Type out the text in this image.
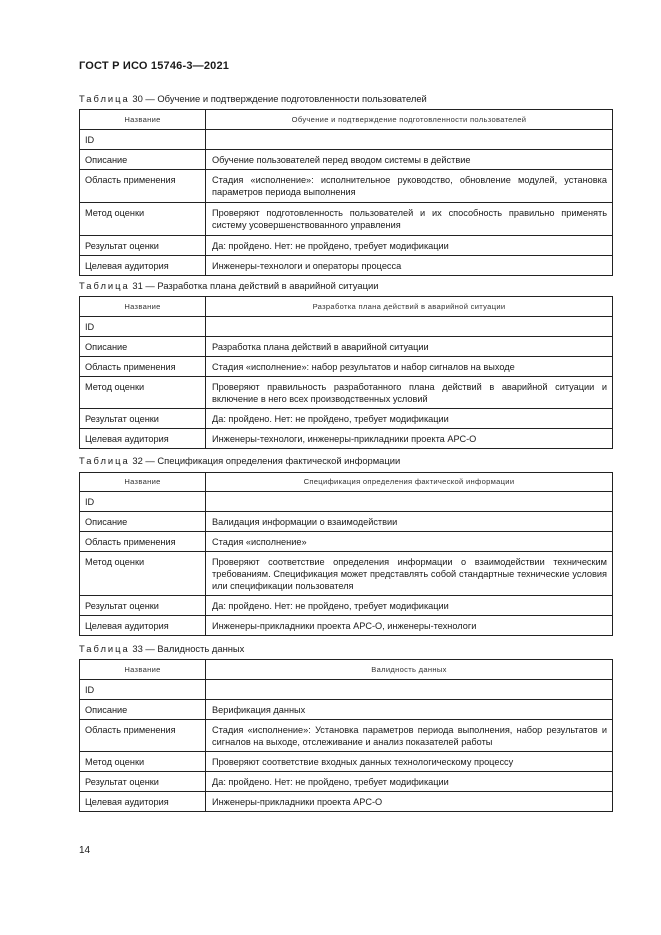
ГОСТ Р ИСО 15746-3—2021
Таблица 30 — Обучение и подтверждение подготовленности пользователей
Название	Обучение и подтверждение подготовленности пользователей
ID	
Описание	Обучение пользователей перед вводом системы в действие
Область применения	Стадия «исполнение»: исполнительное руководство, обновление модулей, установка параметров периода выполнения
Метод оценки	Проверяют подготовленность пользователей и их способность правильно применять систему усовершенствованного управления
Результат оценки	Да: пройдено. Нет: не пройдено, требует модификации
Целевая аудитория	Инженеры-технологи и операторы процесса
Таблица 31 — Разработка плана действий в аварийной ситуации
Название	Разработка плана действий в аварийной ситуации
ID	
Описание	Разработка плана действий в аварийной ситуации
Область применения	Стадия «исполнение»: набор результатов и набор сигналов на выходе
Метод оценки	Проверяют правильность разработанного плана действий в аварийной ситуации и включение в него всех производственных условий
Результат оценки	Да: пройдено. Нет: не пройдено, требует модификации
Целевая аудитория	Инженеры-технологи, инженеры-прикладники проекта АРС-О
Таблица 32 — Спецификация определения фактической информации
Название	Спецификация определения фактической информации
ID	
Описание	Валидация информации о взаимодействии
Область применения	Стадия «исполнение»
Метод оценки	Проверяют соответствие определения информации о взаимодействии техническим требованиям. Спецификация может представлять собой стандартные технические условия или спецификации пользователя
Результат оценки	Да: пройдено. Нет: не пройдено, требует модификации
Целевая аудитория	Инженеры-прикладники проекта АРС-О, инженеры-технологи
Таблица 33 — Валидность данных
Название	Валидность данных
ID	
Описание	Верификация данных
Область применения	Стадия «исполнение»: Установка параметров периода выполнения, набор результатов и сигналов на выходе, отслеживание и анализ показателей работы
Метод оценки	Проверяют соответствие входных данных технологическому процессу
Результат оценки	Да: пройдено. Нет: не пройдено, требует модификации
Целевая аудитория	Инженеры-прикладники проекта АРС-О
14
